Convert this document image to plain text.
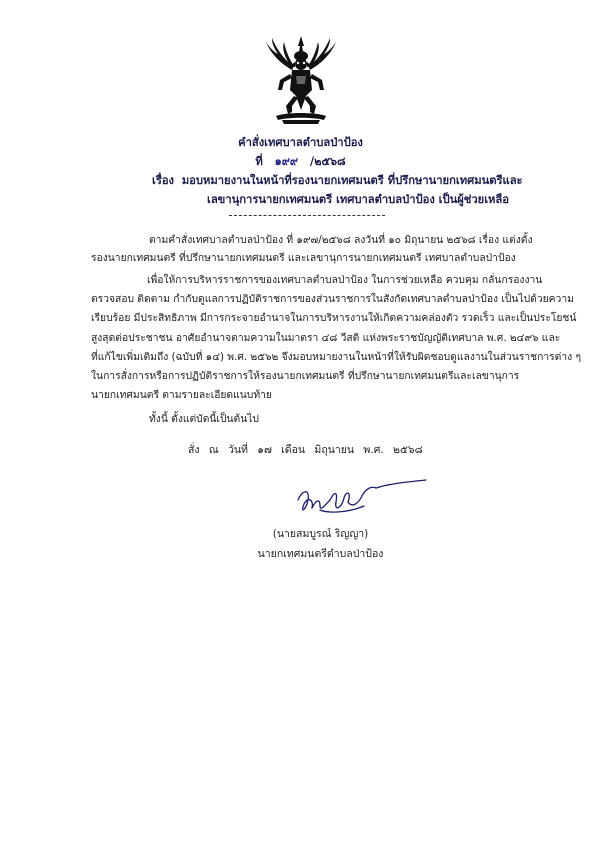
คำสั่งเทศบาลตำบลป่าป้อง
ที่ ๑๙๙ /๒๕๖๘
เรื่อง มอบหมายงานในหน้าที่รองนายกเทศมนตรี ที่ปรึกษานายกเทศมนตรีและ
เลขานุการนายกเทศมนตรี เทศบาลตำบลป่าป้อง เป็นผู้ช่วยเหลือ
ตามคำสั่งเทศบาลตำบลป่าป้อง ที่ ๑๙๗/๒๕๖๘ ลงวันที่ ๑๐ มิถุนายน ๒๕๖๘ เรื่อง แต่งตั้ง
รองนายกเทศมนตรี ที่ปรึกษานายกเทศมนตรี และเลขานุการนายกเทศมนตรี เทศบาลตำบลป่าป้อง
เพื่อให้การบริหารราชการของเทศบาลตำบลป่าป้อง ในการช่วยเหลือ ควบคุม กลั่นกรองงาน
ตรวจสอบ ติดตาม กำกับดูแลการปฏิบัติราชการของส่วนราชการในสังกัดเทศบาลตำบลป่าป้อง เป็นไปด้วยความ
เรียบร้อย มีประสิทธิภาพ มีการกระจายอำนาจในการบริหารงานให้เกิดความคล่องตัว รวดเร็ว และเป็นประโยชน์
สูงสุดต่อประชาชน อาศัยอำนาจตามความในมาตรา ๔๘ วีสติ แห่งพระราชบัญญัติเทศบาล พ.ศ. ๒๔๙๖ และ
ที่แก้ไขเพิ่มเติมถึง (ฉบับที่ ๑๔) พ.ศ. ๒๕๖๒ จึงมอบหมายงานในหน้าที่ให้รับผิดชอบดูแลงานในส่วนราชการต่าง ๆ
ในการสั่งการหรือการปฏิบัติราชการให้รองนายกเทศมนตรี ที่ปรึกษานายกเทศมนตรีและเลขานุการ
นายกเทศมนตรี ตามรายละเอียดแนบท้าย
ทั้งนี้ ตั้งแต่บัดนี้เป็นต้นไป
สั่ง ณ วันที่ ๑๗ เดือน มิถุนายน พ.ศ. ๒๕๖๘
(นายสมบูรณ์ ริญญา)
นายกเทศมนตรีตำบลป่าป้อง
